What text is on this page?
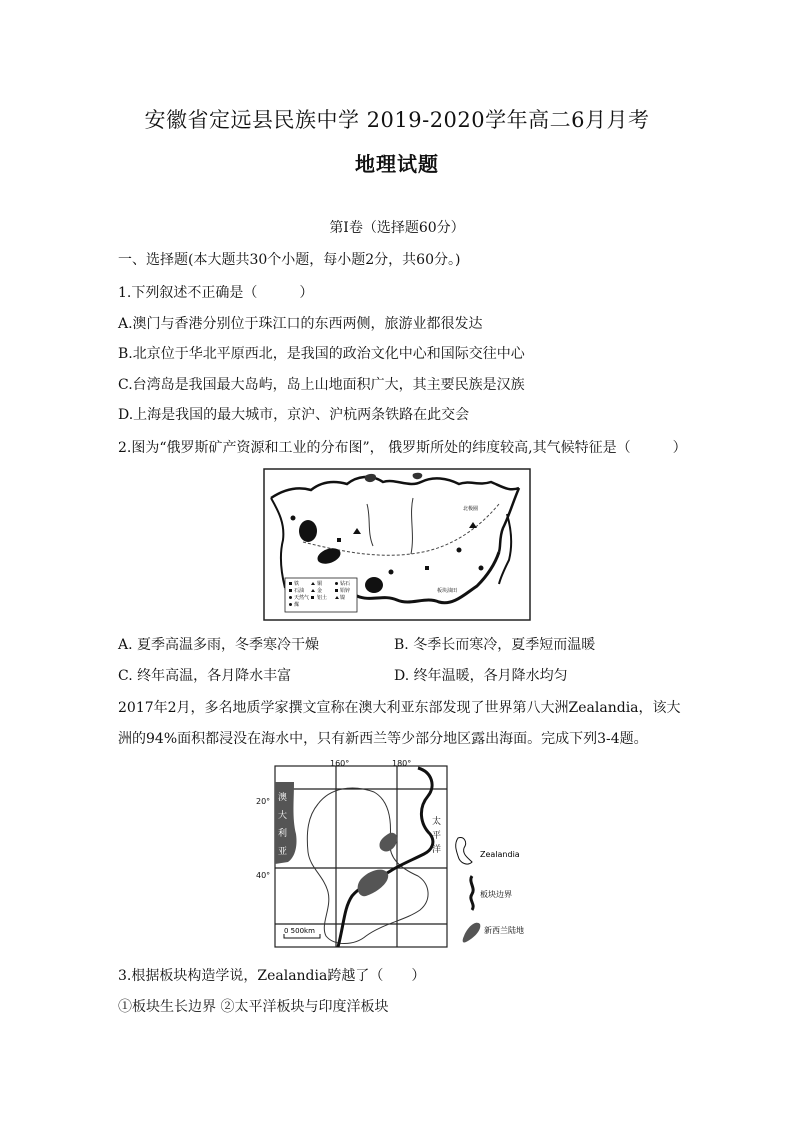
安徽省定远县民族中学 2019-2020学年高二6月月考
地理试题
第Ⅰ卷（选择题60分）
一、选择题(本大题共30个小题，每小题2分，共60分。)
1.下列叙述不正确是（　　　）
A.澳门与香港分别位于珠江口的东西两侧，旅游业都很发达
B.北京位于华北平原西北，是我国的政治文化中心和国际交往中心
C.台湾岛是我国最大岛屿，岛上山地面积广大，其主要民族是汉族
D.上海是我国的最大城市，京沪、沪杭两条铁路在此交会
2.图为“俄罗斯矿产资源和工业的分布图”， 俄罗斯所处的纬度较高,其气候特征是（　　　）
板块油田
北极圈
铁
石油
天然气
煤
铜
金
铝土
钻石
铅锌
镍
A. 夏季高温多雨，冬季寒冷干燥	B. 冬季长而寒冷，夏季短而温暖
C. 终年高温，各月降水丰富	D. 终年温暖，各月降水均匀
2017年2月，多名地质学家撰文宣称在澳大利亚东部发现了世界第八大洲Zealandia，该大
洲的94%面积都浸没在海水中，只有新西兰等少部分地区露出海面。完成下列3-4题。
160°	180°
20°
40°
澳
大
利
亚
太
平
洋
0 500km
Zealandia
板块边界
新西兰陆地
3.根据板块构造学说，Zealandia跨越了（　　）
①板块生长边界 ②太平洋板块与印度洋板块
